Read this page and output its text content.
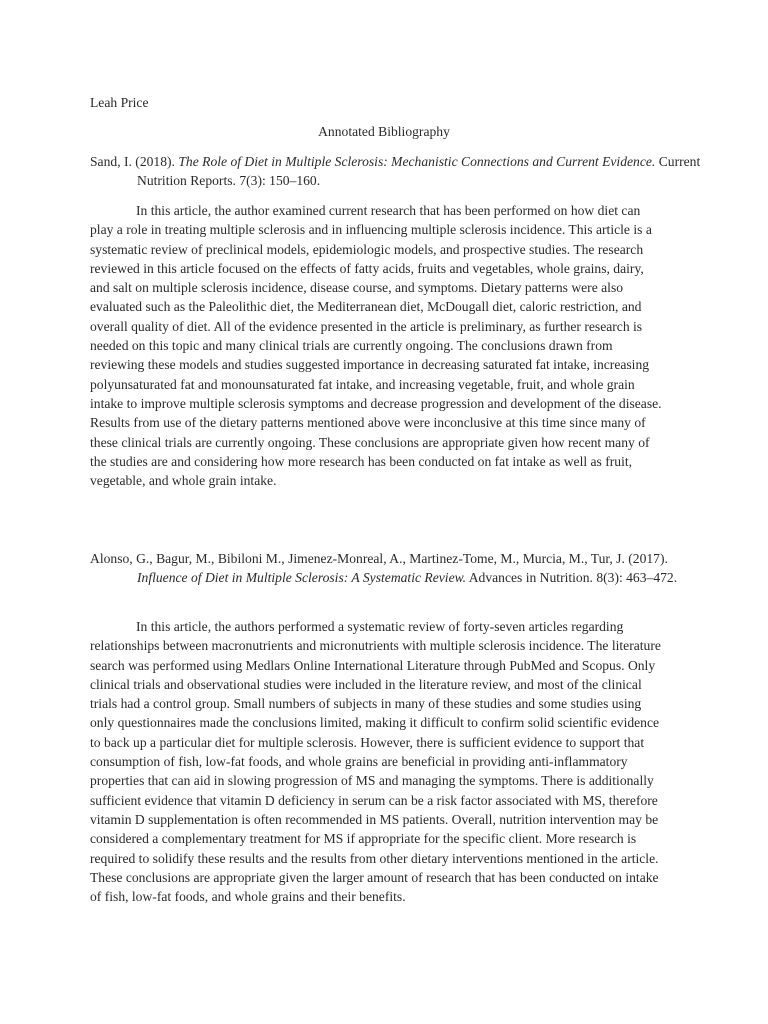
Leah Price

Annotated Bibliography

Sand, I. (2018). The Role of Diet in Multiple Sclerosis: Mechanistic Connections and Current Evidence. Current Nutrition Reports. 7(3): 150–160.

In this article, the author examined current research that has been performed on how diet can play a role in treating multiple sclerosis and in influencing multiple sclerosis incidence. This article is a systematic review of preclinical models, epidemiologic models, and prospective studies. The research reviewed in this article focused on the effects of fatty acids, fruits and vegetables, whole grains, dairy, and salt on multiple sclerosis incidence, disease course, and symptoms. Dietary patterns were also evaluated such as the Paleolithic diet, the Mediterranean diet, McDougall diet, caloric restriction, and overall quality of diet. All of the evidence presented in the article is preliminary, as further research is needed on this topic and many clinical trials are currently ongoing. The conclusions drawn from reviewing these models and studies suggested importance in decreasing saturated fat intake, increasing polyunsaturated fat and monounsaturated fat intake, and increasing vegetable, fruit, and whole grain intake to improve multiple sclerosis symptoms and decrease progression and development of the disease. Results from use of the dietary patterns mentioned above were inconclusive at this time since many of these clinical trials are currently ongoing. These conclusions are appropriate given how recent many of the studies are and considering how more research has been conducted on fat intake as well as fruit, vegetable, and whole grain intake.

Alonso, G., Bagur, M., Bibiloni M., Jimenez-Monreal, A., Martinez-Tome, M., Murcia, M., Tur, J. (2017). Influence of Diet in Multiple Sclerosis: A Systematic Review. Advances in Nutrition. 8(3): 463–472.

In this article, the authors performed a systematic review of forty-seven articles regarding relationships between macronutrients and micronutrients with multiple sclerosis incidence. The literature search was performed using Medlars Online International Literature through PubMed and Scopus. Only clinical trials and observational studies were included in the literature review, and most of the clinical trials had a control group. Small numbers of subjects in many of these studies and some studies using only questionnaires made the conclusions limited, making it difficult to confirm solid scientific evidence to back up a particular diet for multiple sclerosis. However, there is sufficient evidence to support that consumption of fish, low-fat foods, and whole grains are beneficial in providing anti-inflammatory properties that can aid in slowing progression of MS and managing the symptoms. There is additionally sufficient evidence that vitamin D deficiency in serum can be a risk factor associated with MS, therefore vitamin D supplementation is often recommended in MS patients. Overall, nutrition intervention may be considered a complementary treatment for MS if appropriate for the specific client. More research is required to solidify these results and the results from other dietary interventions mentioned in the article. These conclusions are appropriate given the larger amount of research that has been conducted on intake of fish, low-fat foods, and whole grains and their benefits.
